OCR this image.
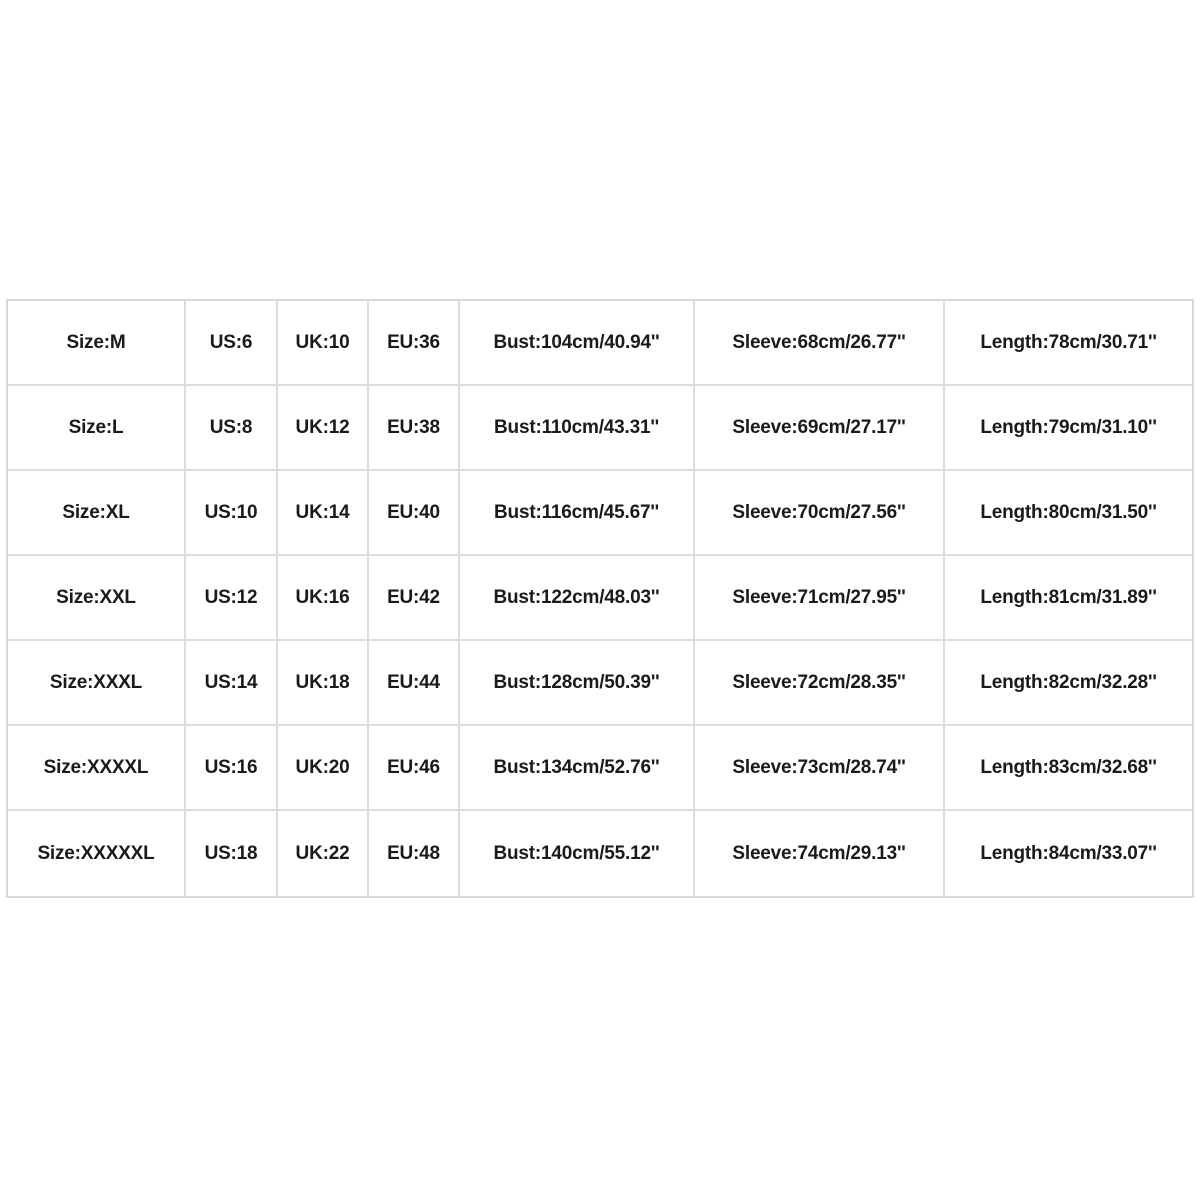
Size:M	US:6	UK:10	EU:36	Bust:104cm/40.94''	Sleeve:68cm/26.77''	Length:78cm/30.71''
Size:L	US:8	UK:12	EU:38	Bust:110cm/43.31''	Sleeve:69cm/27.17''	Length:79cm/31.10''
Size:XL	US:10	UK:14	EU:40	Bust:116cm/45.67''	Sleeve:70cm/27.56''	Length:80cm/31.50''
Size:XXL	US:12	UK:16	EU:42	Bust:122cm/48.03''	Sleeve:71cm/27.95''	Length:81cm/31.89''
Size:XXXL	US:14	UK:18	EU:44	Bust:128cm/50.39''	Sleeve:72cm/28.35''	Length:82cm/32.28''
Size:XXXXL	US:16	UK:20	EU:46	Bust:134cm/52.76''	Sleeve:73cm/28.74''	Length:83cm/32.68''
Size:XXXXXL	US:18	UK:22	EU:48	Bust:140cm/55.12''	Sleeve:74cm/29.13''	Length:84cm/33.07''
